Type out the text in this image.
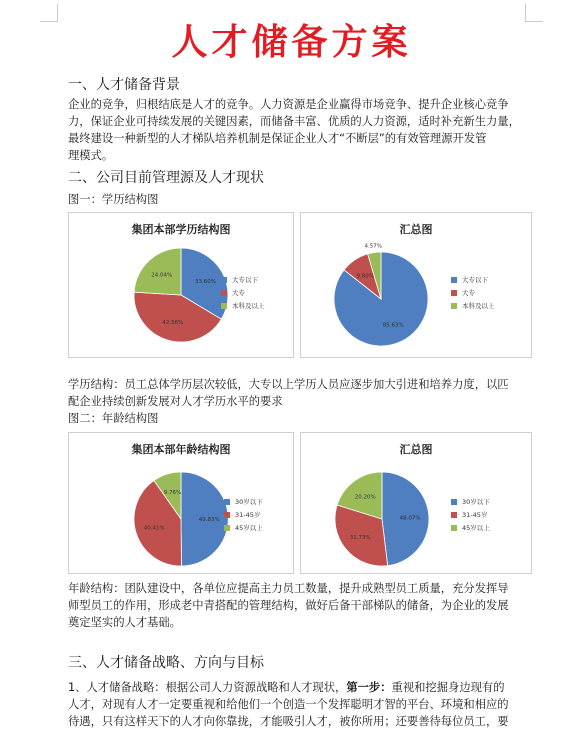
人才储备方案
一、人才储备背景
企业的竞争，归根结底是人才的竞争。人力资源是企业赢得市场竞争、提升企业核心竞争
力，保证企业可持续发展的关键因素，而储备丰富、优质的人力资源，适时补充新生力量，
最终建设一种新型的人才梯队培养机制是保证企业人才“不断层”的有效管理源开发管
理模式。
二、公司目前管理源及人才现状
图一：学历结构图
集团本部学历结构图
33.60%
42.36%
24.04%
大专以下
大专
本科及以上
汇总图
85.63%
9.80%
4.57%
大专以下
大专
本科及以上
学历结构：员工总体学历层次较低，大专以上学历人员应逐步加大引进和培养力度，以匹
配企业持续创新发展对人才学历水平的要求
图二：年龄结构图
集团本部年龄结构图
49.83%
40.41%
9.76%
30岁以下
31-45岁
45岁以上
汇总图
48.07%
31.73%
20.20%
30岁以下
31-45岁
45岁以上
年龄结构：团队建设中，各单位应提高主力员工数量，提升成熟型员工质量，充分发挥导
师型员工的作用，形成老中青搭配的管理结构，做好后备干部梯队的储备，为企业的发展
奠定坚实的人才基础。
三、人才储备战略、方向与目标
1、人才储备战略：根据公司人力资源战略和人才现状，第一步：重视和挖掘身边现有的
人才，对现有人才一定要重视和给他们一个创造一个发挥聪明才智的平台、环境和相应的
待遇，只有这样天下的人才向你靠拢，才能吸引人才，被你所用；还要善待每位员工，要
